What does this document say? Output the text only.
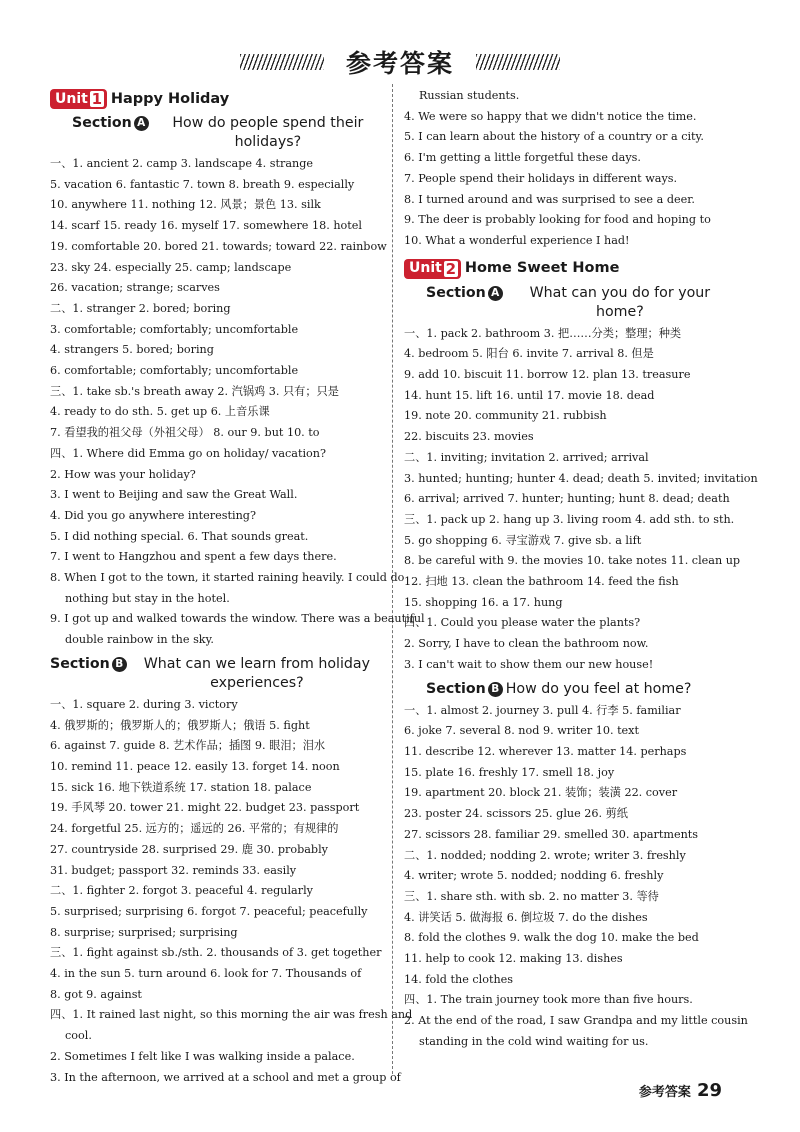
参考答案
Unit 1 Happy Holiday
Section A	How do people spend their holidays?
一、1. ancient 2. camp 3. landscape 4. strange
5. vacation 6. fantastic 7. town 8. breath 9. especially
10. anywhere 11. nothing 12. 风景；景色 13. silk
14. scarf 15. ready 16. myself 17. somewhere 18. hotel
19. comfortable 20. bored 21. towards; toward 22. rainbow
23. sky 24. especially 25. camp; landscape
26. vacation; strange; scarves
二、1. stranger 2. bored; boring
3. comfortable; comfortably; uncomfortable
4. strangers 5. bored; boring
6. comfortable; comfortably; uncomfortable
三、1. take sb.'s breath away 2. 汽锅鸡 3. 只有；只是
4. ready to do sth. 5. get up 6. 上音乐课
7. 看望我的祖父母（外祖父母） 8. our 9. but 10. to
四、1. Where did Emma go on holiday/ vacation?
2. How was your holiday?
3. I went to Beijing and saw the Great Wall.
4. Did you go anywhere interesting?
5. I did nothing special. 6. That sounds great.
7. I went to Hangzhou and spent a few days there.
8. When I got to the town, it started raining heavily. I could do
nothing but stay in the hotel.
9. I got up and walked towards the window. There was a beautiful
double rainbow in the sky.
Section B	What can we learn from holiday experiences?
一、1. square 2. during 3. victory
4. 俄罗斯的；俄罗斯人的；俄罗斯人；俄语 5. fight
6. against 7. guide 8. 艺术作品；插图 9. 眼泪；泪水
10. remind 11. peace 12. easily 13. forget 14. noon
15. sick 16. 地下铁道系统 17. station 18. palace
19. 手风琴 20. tower 21. might 22. budget 23. passport
24. forgetful 25. 远方的；遥远的 26. 平常的；有规律的
27. countryside 28. surprised 29. 鹿 30. probably
31. budget; passport 32. reminds 33. easily
二、1. fighter 2. forgot 3. peaceful 4. regularly
5. surprised; surprising 6. forgot 7. peaceful; peacefully
8. surprise; surprised; surprising
三、1. fight against sb./sth. 2. thousands of 3. get together
4. in the sun 5. turn around 6. look for 7. Thousands of
8. got 9. against
四、1. It rained last night, so this morning the air was fresh and
cool.
2. Sometimes I felt like I was walking inside a palace.
3. In the afternoon, we arrived at a school and met a group of
Russian students.
4. We were so happy that we didn't notice the time.
5. I can learn about the history of a country or a city.
6. I'm getting a little forgetful these days.
7. People spend their holidays in different ways.
8. I turned around and was surprised to see a deer.
9. The deer is probably looking for food and hoping to
10. What a wonderful experience I had!
Unit 2 Home Sweet Home
Section A	What can you do for your home?
一、1. pack 2. bathroom 3. 把……分类；整理；种类
4. bedroom 5. 阳台 6. invite 7. arrival 8. 但是
9. add 10. biscuit 11. borrow 12. plan 13. treasure
14. hunt 15. lift 16. until 17. movie 18. dead
19. note 20. community 21. rubbish
22. biscuits 23. movies
二、1. inviting; invitation 2. arrived; arrival
3. hunted; hunting; hunter 4. dead; death 5. invited; invitation
6. arrival; arrived 7. hunter; hunting; hunt 8. dead; death
三、1. pack up 2. hang up 3. living room 4. add sth. to sth.
5. go shopping 6. 寻宝游戏 7. give sb. a lift
8. be careful with 9. the movies 10. take notes 11. clean up
12. 扫地 13. clean the bathroom 14. feed the fish
15. shopping 16. a 17. hung
四、1. Could you please water the plants?
2. Sorry, I have to clean the bathroom now.
3. I can't wait to show them our new house!
Section B How do you feel at home?
一、1. almost 2. journey 3. pull 4. 行李 5. familiar
6. joke 7. several 8. nod 9. writer 10. text
11. describe 12. wherever 13. matter 14. perhaps
15. plate 16. freshly 17. smell 18. joy
19. apartment 20. block 21. 装饰；装潢 22. cover
23. poster 24. scissors 25. glue 26. 剪纸
27. scissors 28. familiar 29. smelled 30. apartments
二、1. nodded; nodding 2. wrote; writer 3. freshly
4. writer; wrote 5. nodded; nodding 6. freshly
三、1. share sth. with sb. 2. no matter 3. 等待
4. 讲笑话 5. 做海报 6. 倒垃圾 7. do the dishes
8. fold the clothes 9. walk the dog 10. make the bed
11. help to cook 12. making 13. dishes
14. fold the clothes
四、1. The train journey took more than five hours.
2. At the end of the road, I saw Grandpa and my little cousin
standing in the cold wind waiting for us.
参考答案 29
